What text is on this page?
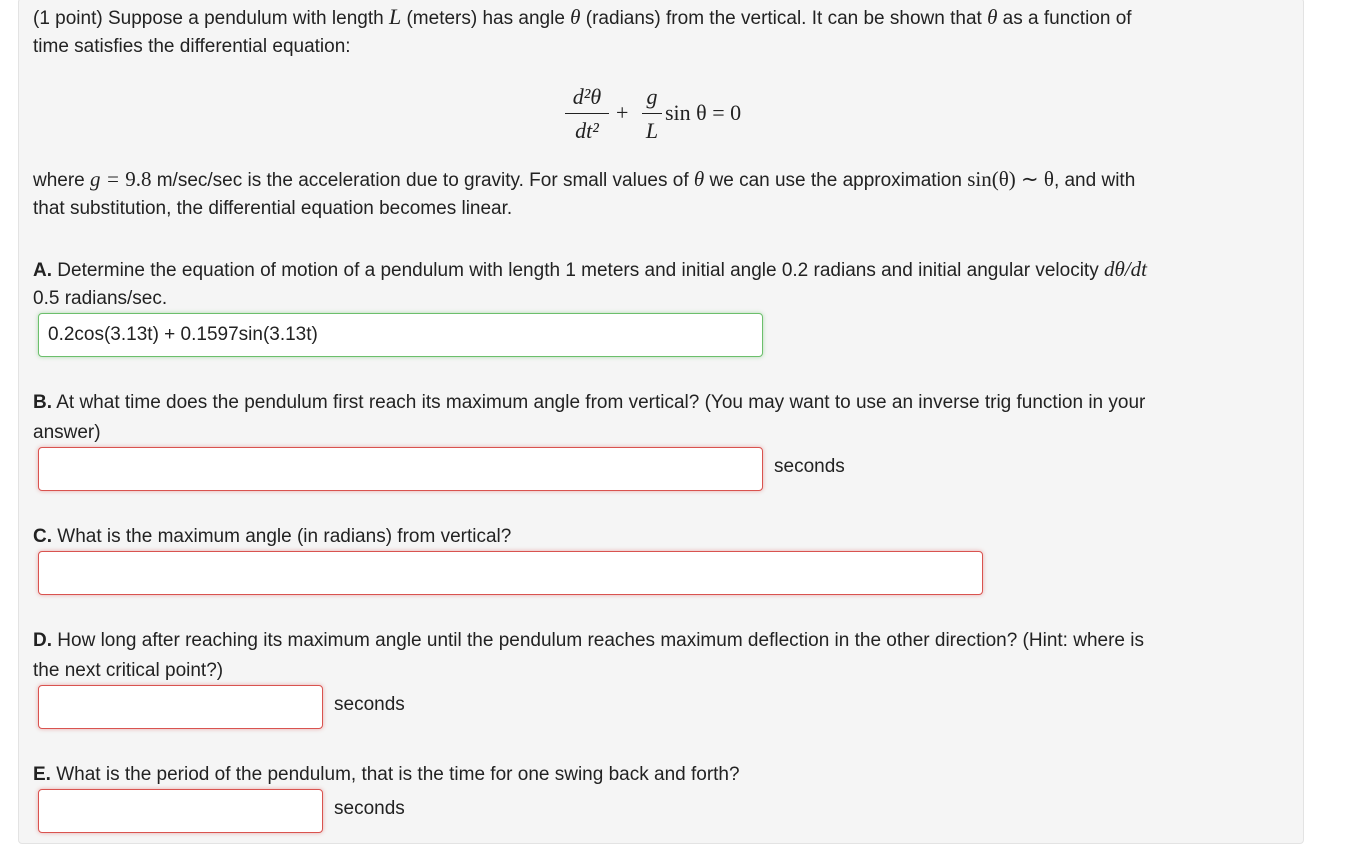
(1 point) Suppose a pendulum with length L (meters) has angle θ (radians) from the vertical. It can be shown that θ as a function of
time satisfies the differential equation:
d²θ
dt²
+
g
L
sin θ = 0
where g = 9.8 m/sec/sec is the acceleration due to gravity. For small values of θ we can use the approximation sin(θ) ∼ θ, and with
that substitution, the differential equation becomes linear.
A. Determine the equation of motion of a pendulum with length 1 meters and initial angle 0.2 radians and initial angular velocity dθ/dt
0.5 radians/sec.
0.2cos(3.13t) + 0.1597sin(3.13t)
B. At what time does the pendulum first reach its maximum angle from vertical? (You may want to use an inverse trig function in your
answer)
seconds
C. What is the maximum angle (in radians) from vertical?
D. How long after reaching its maximum angle until the pendulum reaches maximum deflection in the other direction? (Hint: where is
the next critical point?)
seconds
E. What is the period of the pendulum, that is the time for one swing back and forth?
seconds
